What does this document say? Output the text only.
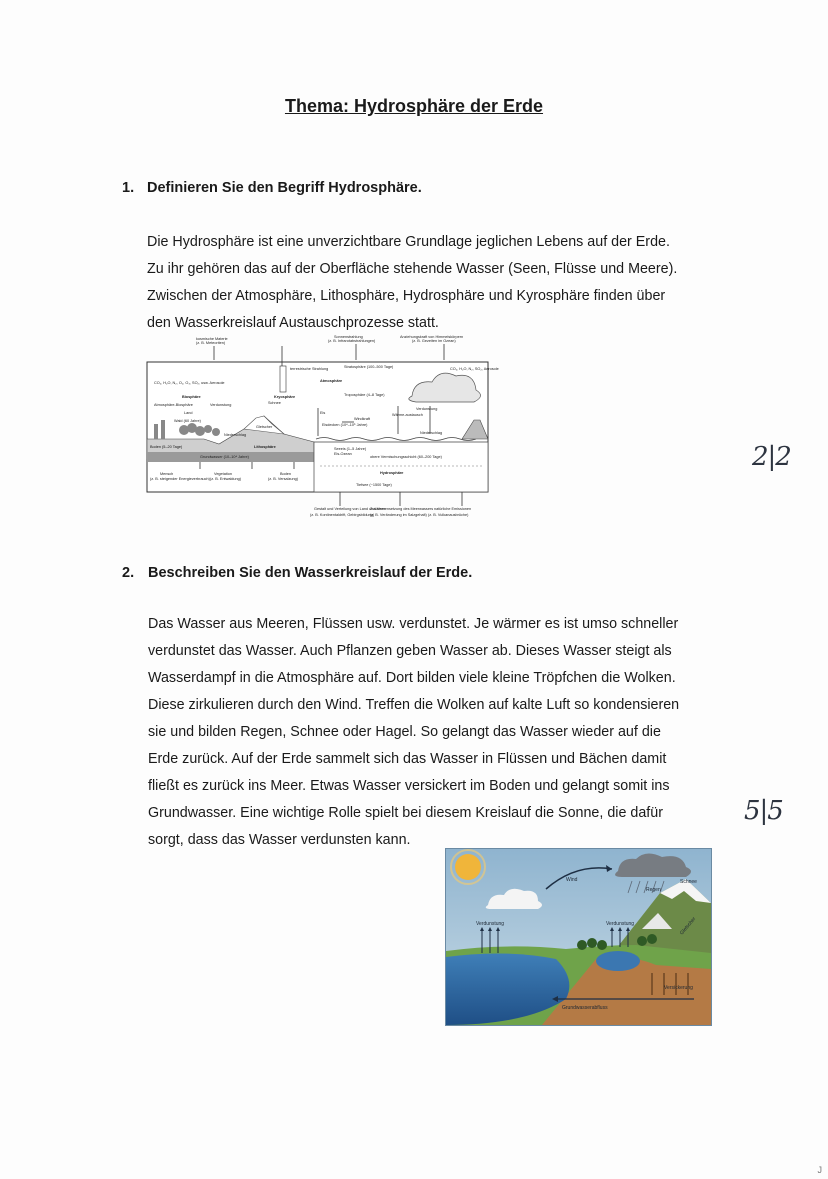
Thema: Hydrosphäre der Erde
1. Definieren Sie den Begriff Hydrosphäre.
Die Hydrosphäre ist eine unverzichtbare Grundlage jeglichen Lebens auf der Erde.
Zu ihr gehören das auf der Oberfläche stehende Wasser (Seen, Flüsse und Meere).
Zwischen der Atmosphäre, Lithosphäre, Hydrosphäre und Kyrosphäre finden über
den Wasserkreislauf Austauschprozesse statt.
2|2
kosmische Materie
(z. B. Meteoriten)
Sonnenstrahlung
(z. B. Infrarotabstrahlungen)
Anziehungskraft von Himmelskörpern
(z. B. Gezeiten im Ozean)
CO₂, H₂O, N₂, O₂, O₃, SO₂, usw. Aerosole
terrestrische Strahlung	Stratosphäre (100–500 Tage)
Atmosphäre
CO₂, H₂O, N₂, SO₂, Aerosole
Biosphäre	Kryosphäre	Troposphäre (4–8 Tage)
Atmosphäre-Biosphäre	Verdunstung
Verdunstung
Schnee
Eis
Gletscher
Land
Wald (60 Jahre)
Niederschlag	Niederschlag
Windkraft
Wärme-austausch
Eisdecken (10⁴–10⁵ Jahre)
Boden (5–20 Tage)	Lithosphäre
Grundwasser (10–10⁴ Jahre)
Seeeis (1–5 Jahre)
Eis-Ozean
obere Vermischungsschicht (60–200 Tage)
Hydrosphäre
Tiefsee (~1500 Tage)
Mensch
(z. B. steigender Energieverbrauch)
Vegetation
(z. B. Entwaldung)
Boden
(z. B. Versalzung)
Gestalt und Verteilung von Land und Meer
(z. B. Kontinentaldrift, Gebirgsbildung)
Zusammensetzung des Meerwassers
(z. B. Veränderung im Salzgehalt)
natürliche Emissionen
(z. B. Vulkanausbrüche)
2. Beschreiben Sie den Wasserkreislauf der Erde.
Das Wasser aus Meeren, Flüssen usw. verdunstet. Je wärmer es ist umso schneller
verdunstet das Wasser. Auch Pflanzen geben Wasser ab. Dieses Wasser steigt als
Wasserdampf in die Atmosphäre auf. Dort bilden viele kleine Tröpfchen die Wolken.
Diese zirkulieren durch den Wind. Treffen die Wolken auf kalte Luft so kondensieren
sie und bilden Regen, Schnee oder Hagel. So gelangt das Wasser wieder auf die
Erde zurück. Auf der Erde sammelt sich das Wasser in Flüssen und Bächen damit
fließt es zurück ins Meer. Etwas Wasser versickert im Boden und gelangt somit ins
Grundwasser. Eine wichtige Rolle spielt bei diesem Kreislauf die Sonne, die dafür
sorgt, dass das Wasser verdunsten kann.
5|5
Wind	Schnee
Regen
Verdunstung	Verdunstung	Gletscher
Versickerung
Grundwasserabfluss
J
